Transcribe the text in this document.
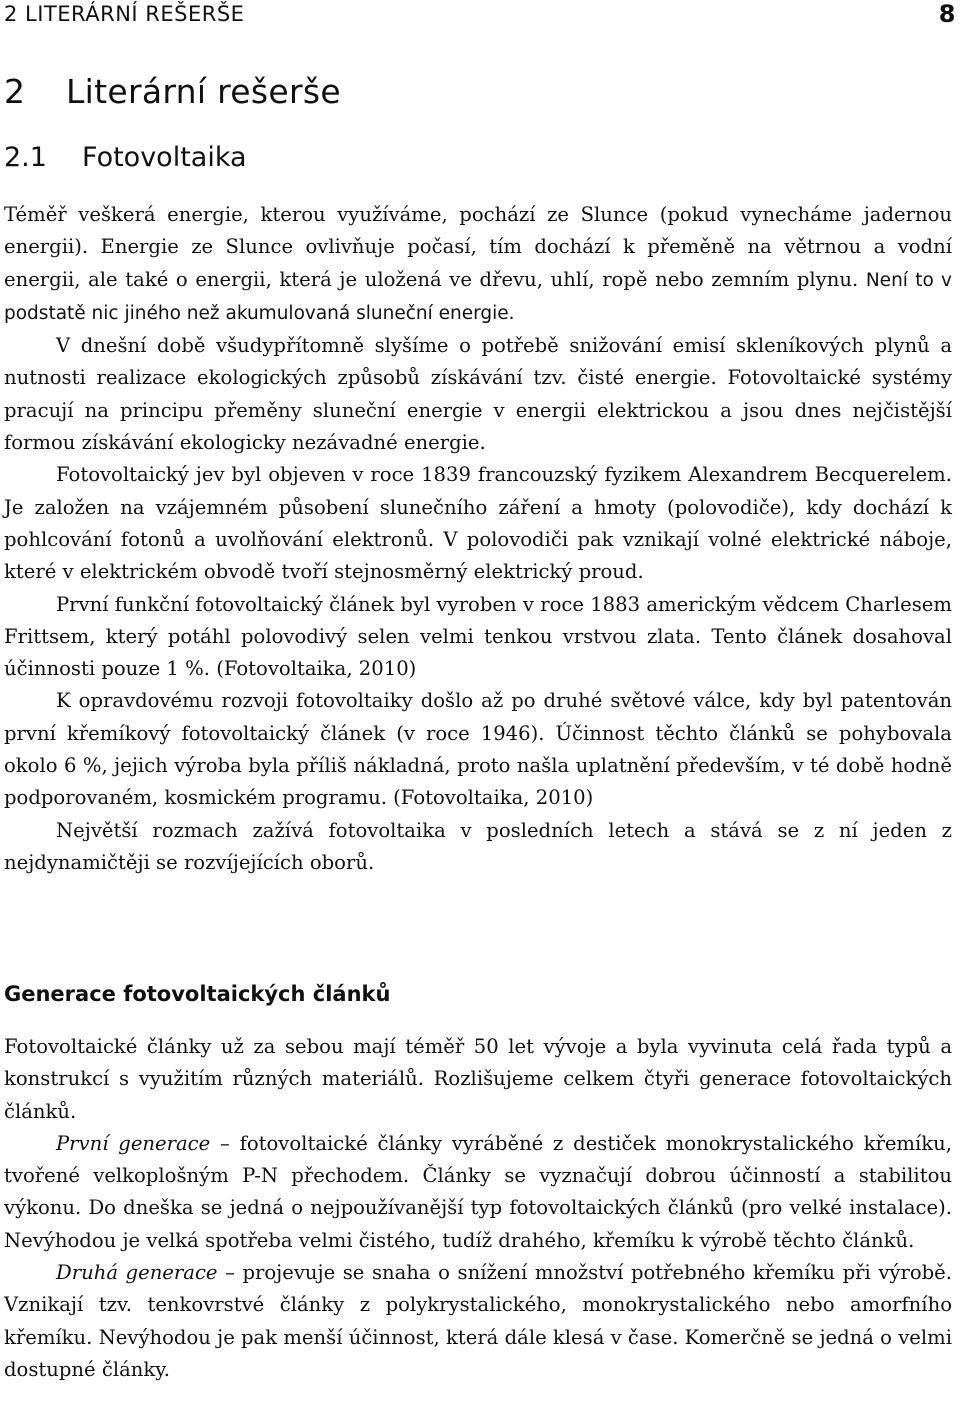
2 LITERÁRNÍ REŠERŠE	8
2 Literární rešerše
2.1 Fotovoltaika

Téměř veškerá energie, kterou využíváme, pochází ze Slunce (pokud vynecháme jadernou energii). Energie ze Slunce ovlivňuje počasí, tím dochází k přeměně na větrnou a vodní energii, ale také o energii, která je uložená ve dřevu, uhlí, ropě nebo zemním plynu. Není to v podstatě nic jiného než akumulovaná sluneční energie.

V dnešní době všudypřítomně slyšíme o potřebě snižování emisí skleníkových plynů a nutnosti realizace ekologických způsobů získávání tzv. čisté energie. Fotovoltaické systémy pracují na principu přeměny sluneční energie v energii elektrickou a jsou dnes nejčistější formou získávání ekologicky nezávadné energie.

Fotovoltaický jev byl objeven v roce 1839 francouzský fyzikem Alexandrem Becquerelem. Je založen na vzájemném působení slunečního záření a hmoty (polovodiče), kdy dochází k pohlcování fotonů a uvolňování elektronů. V polovodiči pak vznikají volné elektrické náboje, které v elektrickém obvodě tvoří stejnosměrný elektrický proud.

První funkční fotovoltaický článek byl vyroben v roce 1883 americkým vědcem Charlesem Frittsem, který potáhl polovodivý selen velmi tenkou vrstvou zlata. Tento článek dosahoval účinnosti pouze 1 %. (Fotovoltaika, 2010)

K opravdovému rozvoji fotovoltaiky došlo až po druhé světové válce, kdy byl patentován první křemíkový fotovoltaický článek (v roce 1946). Účinnost těchto článků se pohybovala okolo 6 %, jejich výroba byla příliš nákladná, proto našla uplatnění především, v té době hodně podporovaném, kosmickém programu. (Fotovoltaika, 2010)

Největší rozmach zažívá fotovoltaika v posledních letech a stává se z ní jeden z nejdynamičtěji se rozvíjejících oborů.

Generace fotovoltaických článků

Fotovoltaické články už za sebou mají téměř 50 let vývoje a byla vyvinuta celá řada typů a konstrukcí s využitím různých materiálů. Rozlišujeme celkem čtyři generace fotovoltaických článků.

První generace – fotovoltaické články vyráběné z destiček monokrystalického křemíku, tvořené velkoplošným P-N přechodem. Články se vyznačují dobrou účinností a stabilitou výkonu. Do dneška se jedná o nejpoužívanější typ fotovoltaických článků (pro velké instalace). Nevýhodou je velká spotřeba velmi čistého, tudíž drahého, křemíku k výrobě těchto článků.

Druhá generace – projevuje se snaha o snížení množství potřebného křemíku při výrobě. Vznikají tzv. tenkovrstvé články z polykrystalického, monokrystalického nebo amorfního křemíku. Nevýhodou je pak menší účinnost, která dále klesá v čase. Komerčně se jedná o velmi dostupné články.
